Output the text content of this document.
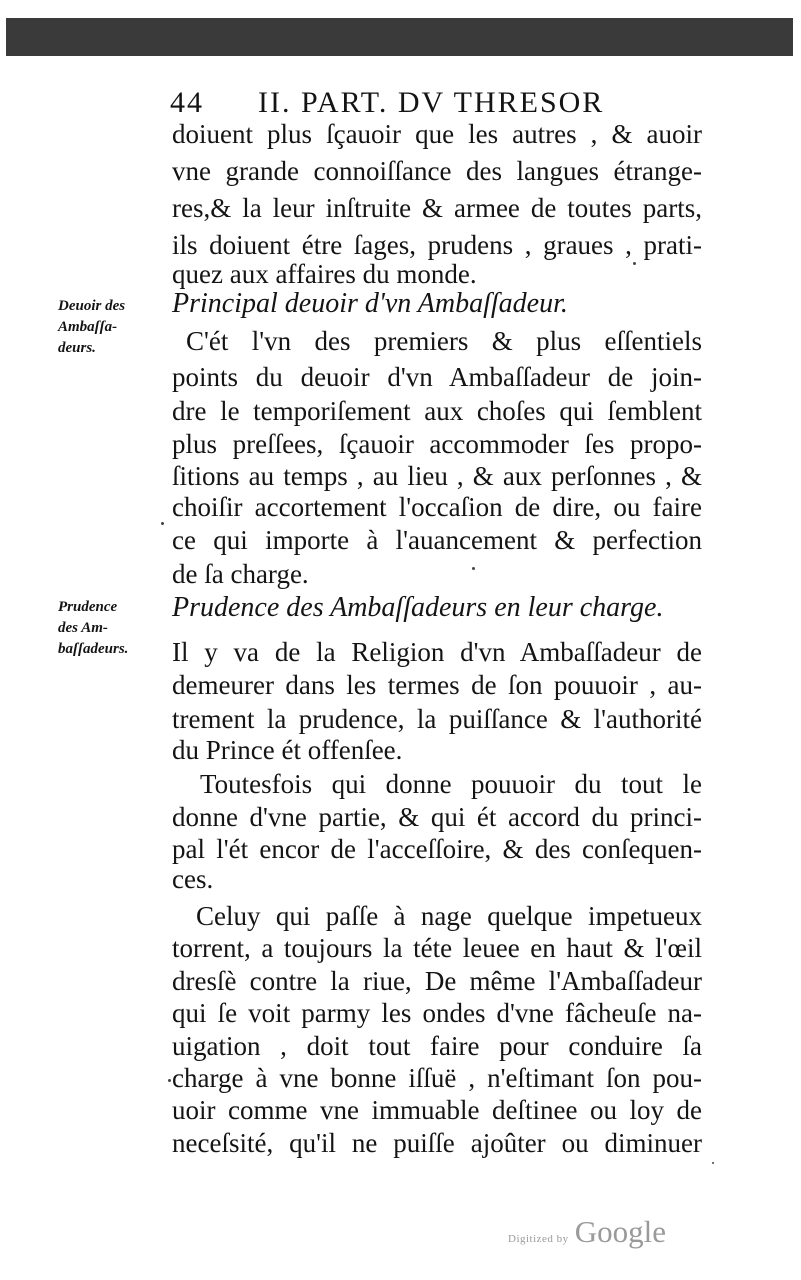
44 II. PART. DV THRESOR
doiuent plus ſçauoir que les autres , & auoir
vne grande connoiſſance des langues étrange-
res,& la leur inſtruite & armee de toutes parts,
ils doiuent étre ſages, prudens , graues , prati-
quez aux affaires du monde.
Deuoir des
Ambaſſa-
deurs.
Principal deuoir d'vn Ambaſſadeur.
C'ét l'vn des premiers & plus eſſentiels
points du deuoir d'vn Ambaſſadeur de join-
dre le temporiſement aux choſes qui ſemblent
plus preſſees, ſçauoir accommoder ſes propo-
ſitions au temps , au lieu , & aux perſonnes , &
choiſir accortement l'occaſion de dire, ou faire
ce qui importe à l'auancement & perfection
de ſa charge.
Prudence
des Am-
baſſadeurs.
Prudence des Ambaſſadeurs en leur charge.
Il y va de la Religion d'vn Ambaſſadeur de
demeurer dans les termes de ſon pouuoir , au-
trement la prudence, la puiſſance & l'authorité
du Prince ét offenſee.
Toutesfois qui donne pouuoir du tout le
donne d'vne partie, & qui ét accord du princi-
pal l'ét encor de l'acceſſoire, & des conſequen-
ces.
Celuy qui paſſe à nage quelque impetueux
torrent, a toujours la téte leuee en haut & l'œil
dresſè contre la riue, De même l'Ambaſſadeur
qui ſe voit parmy les ondes d'vne fâcheuſe na-
uigation , doit tout faire pour conduire ſa
charge à vne bonne iſſuë , n'eſtimant ſon pou-
uoir comme vne immuable deſtinee ou loy de
neceſsité, qu'il ne puiſſe ajoûter ou diminuer
Digitized by Google
